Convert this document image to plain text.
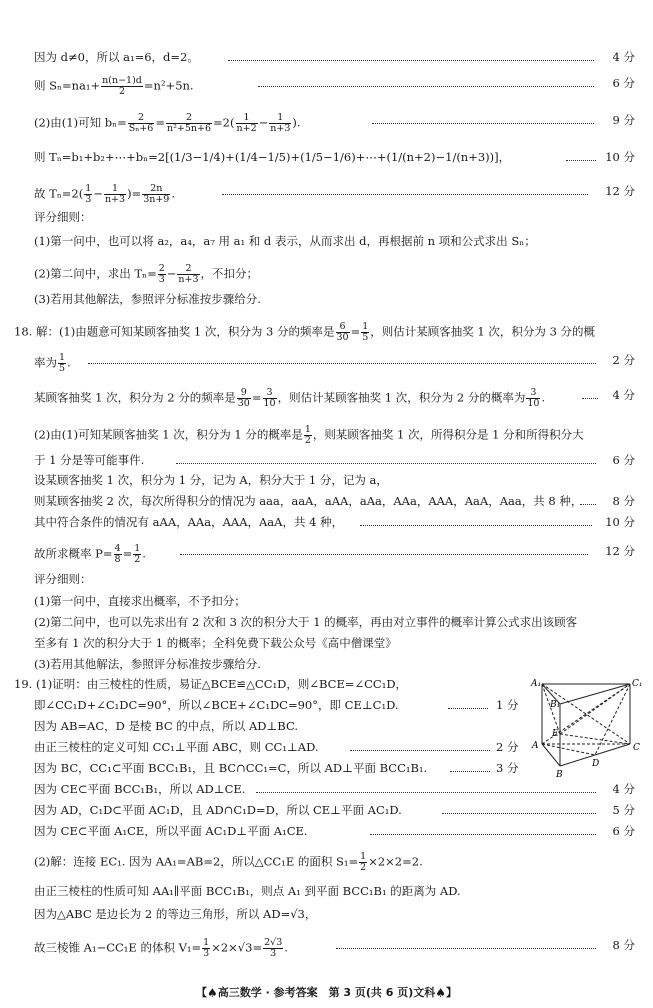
因为 d≠0，所以 a₁=6，d=2。	4 分
则 $S_n=na_1+ \frac{n(n-1)d}{2} =n^2+5n$.	6 分
(2)由(1)可知 $b_n= \frac{2}{\text{Sₙ+6}} = \frac{2}{\text{n²+5n+6}} =2( \frac{1}{n+2} - \frac{1}{n+3}$ ).	9 分
则 Tₙ=b₁+b₂+⋯+bₙ=2[(1/3−1/4)+(1/4−1/5)+(1/5−1/6)+⋯+(1/(n+2)−1/(n+3))]，	10 分
故 $T_n=2( \frac{1}{3} - \frac{1}{n+3}$ )= $\frac{2n}{3n+9}$ .	12 分
评分细则：
(1)第一问中，也可以将 a₂，a₄，a₇ 用 a₁ 和 d 表示，从而求出 d，再根据前 n 项和公式求出 Sₙ；
(2)第二问中，求出 $T_n= \frac{2}{3} - \frac{2}{n+3}$ ，不扣分；
(3)若用其他解法，参照评分标准按步骤给分.
18. 解：(1)由题意可知某顾客抽奖 1 次，积分为 3 分的频率是 $\frac{6}{30} = \frac{1}{5}$ ，则估计某顾客抽奖 1 次，积分为 3 分的概
率为 $\frac{1}{5}$ .	2 分
某顾客抽奖 1 次，积分为 2 分的频率是 $\frac{9}{30} = \frac{3}{10}$ ，则估计某顾客抽奖 1 次，积分为 2 分的概率为 $\frac{3}{10}$ .	4 分
(2)由(1)可知某顾客抽奖 1 次，积分为 1 分的概率是 $\frac{1}{2}$ ，则某顾客抽奖 1 次，所得积分是 1 分和所得积分大
于 1 分是等可能事件.	6 分
设某顾客抽奖 1 次，积分为 1 分，记为 A，积分大于 1 分，记为 a，
则某顾客抽奖 2 次，每次所得积分的情况为 aaa，aaA，aAA，aAa，AAa，AAA，AaA，Aaa，共 8 种，	8 分
其中符合条件的情况有 aAA，AAa，AAA，AaA，共 4 种，	10 分
故所求概率 $P= \frac{4}{8} = \frac{1}{2}$ .	12 分
评分细则：
(1)第一问中，直接求出概率，不予扣分；
(2)第二问中，也可以先求出有 2 次和 3 次的积分大于 1 的概率，再由对立事件的概率计算公式求出该顾客
至多有 1 次的积分大于 1 的概率；全科免费下载公众号《高中僧课堂》
(3)若用其他解法，参照评分标准按步骤给分.
19. (1)证明：由三棱柱的性质，易证△BCE≌△CC₁D，则∠BCE=∠CC₁D，
即∠CC₁D+∠C₁DC=90°，所以∠BCE+∠C₁DC=90°，即 CE⊥C₁D.	1 分
因为 AB=AC，D 是棱 BC 的中点，所以 AD⊥BC.
由正三棱柱的定义可知 CC₁⊥平面 ABC，则 CC₁⊥AD.	2 分
因为 BC，CC₁⊂平面 BCC₁B₁，且 BC∩CC₁=C，所以 AD⊥平面 BCC₁B₁.	3 分
因为 CE⊂平面 BCC₁B₁，所以 AD⊥CE.	4 分
因为 AD，C₁D⊂平面 AC₁D，且 AD∩C₁D=D，所以 CE⊥平面 AC₁D.	5 分
因为 CE⊂平面 A₁CE，所以平面 AC₁D⊥平面 A₁CE.	6 分
(2)解：连接 EC₁. 因为 AA₁=AB=2，所以△CC₁E 的面积 $S_1= \frac{1}{2} \times 2\times 2=2$.
由正三棱柱的性质可知 AA₁∥平面 BCC₁B₁，则点 A₁ 到平面 BCC₁B₁ 的距离为 AD.
因为△ABC 是边长为 2 的等边三角形，所以 AD=√3，
故三棱锥 A₁−CC₁E 的体积 $V_1= \frac{1}{3} \times 2\times√3= \frac{2√3}{3}$ .	8 分
A₁
B₁
C₁
A
B
C
D
E
【♠高三数学 · 参考答案　第 3 页(共 6 页)文科♠】
